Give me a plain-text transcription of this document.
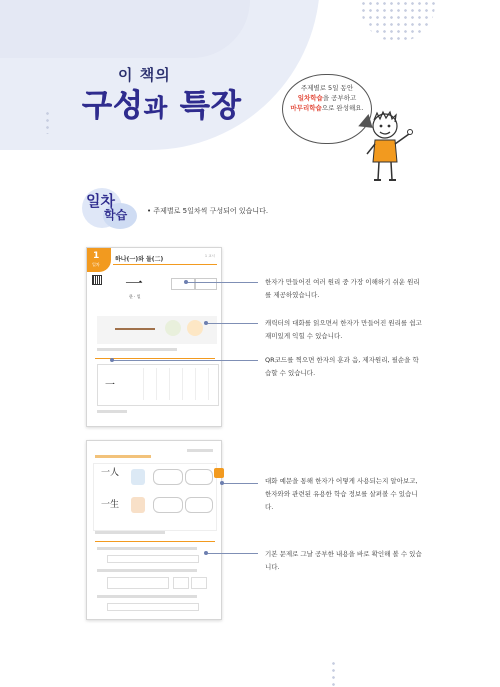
이 책의
구성과 특장	주제별로 5일 동안
일차학습을 공부하고
마무리학습으로 완성해요.
일차
학습	• 주제별로 5일차씩 구성되어 있습니다.
1
일차
하나(一)와 둘(二)	1 교시
一
한 · 일
一
一人
一生
한자가 만들어진 여러 원리 중 가장 이해하기 쉬운 원리를 제공하였습니다.
캐릭터의 대화를 읽으면서 한자가 만들어진 원리를 쉽고 재미있게 익힐 수 있습니다.
QR코드를 찍으면 한자의 훈과 음, 제자원리, 필순을 학습할 수 있습니다.
대화 예문을 통해 한자가 어떻게 사용되는지 알아보고, 한자와와 관련된 유용한 학습 정보를 살펴볼 수 있습니다.
기본 문제로 그날 공부한 내용을 바로 확인해 볼 수 있습니다.
